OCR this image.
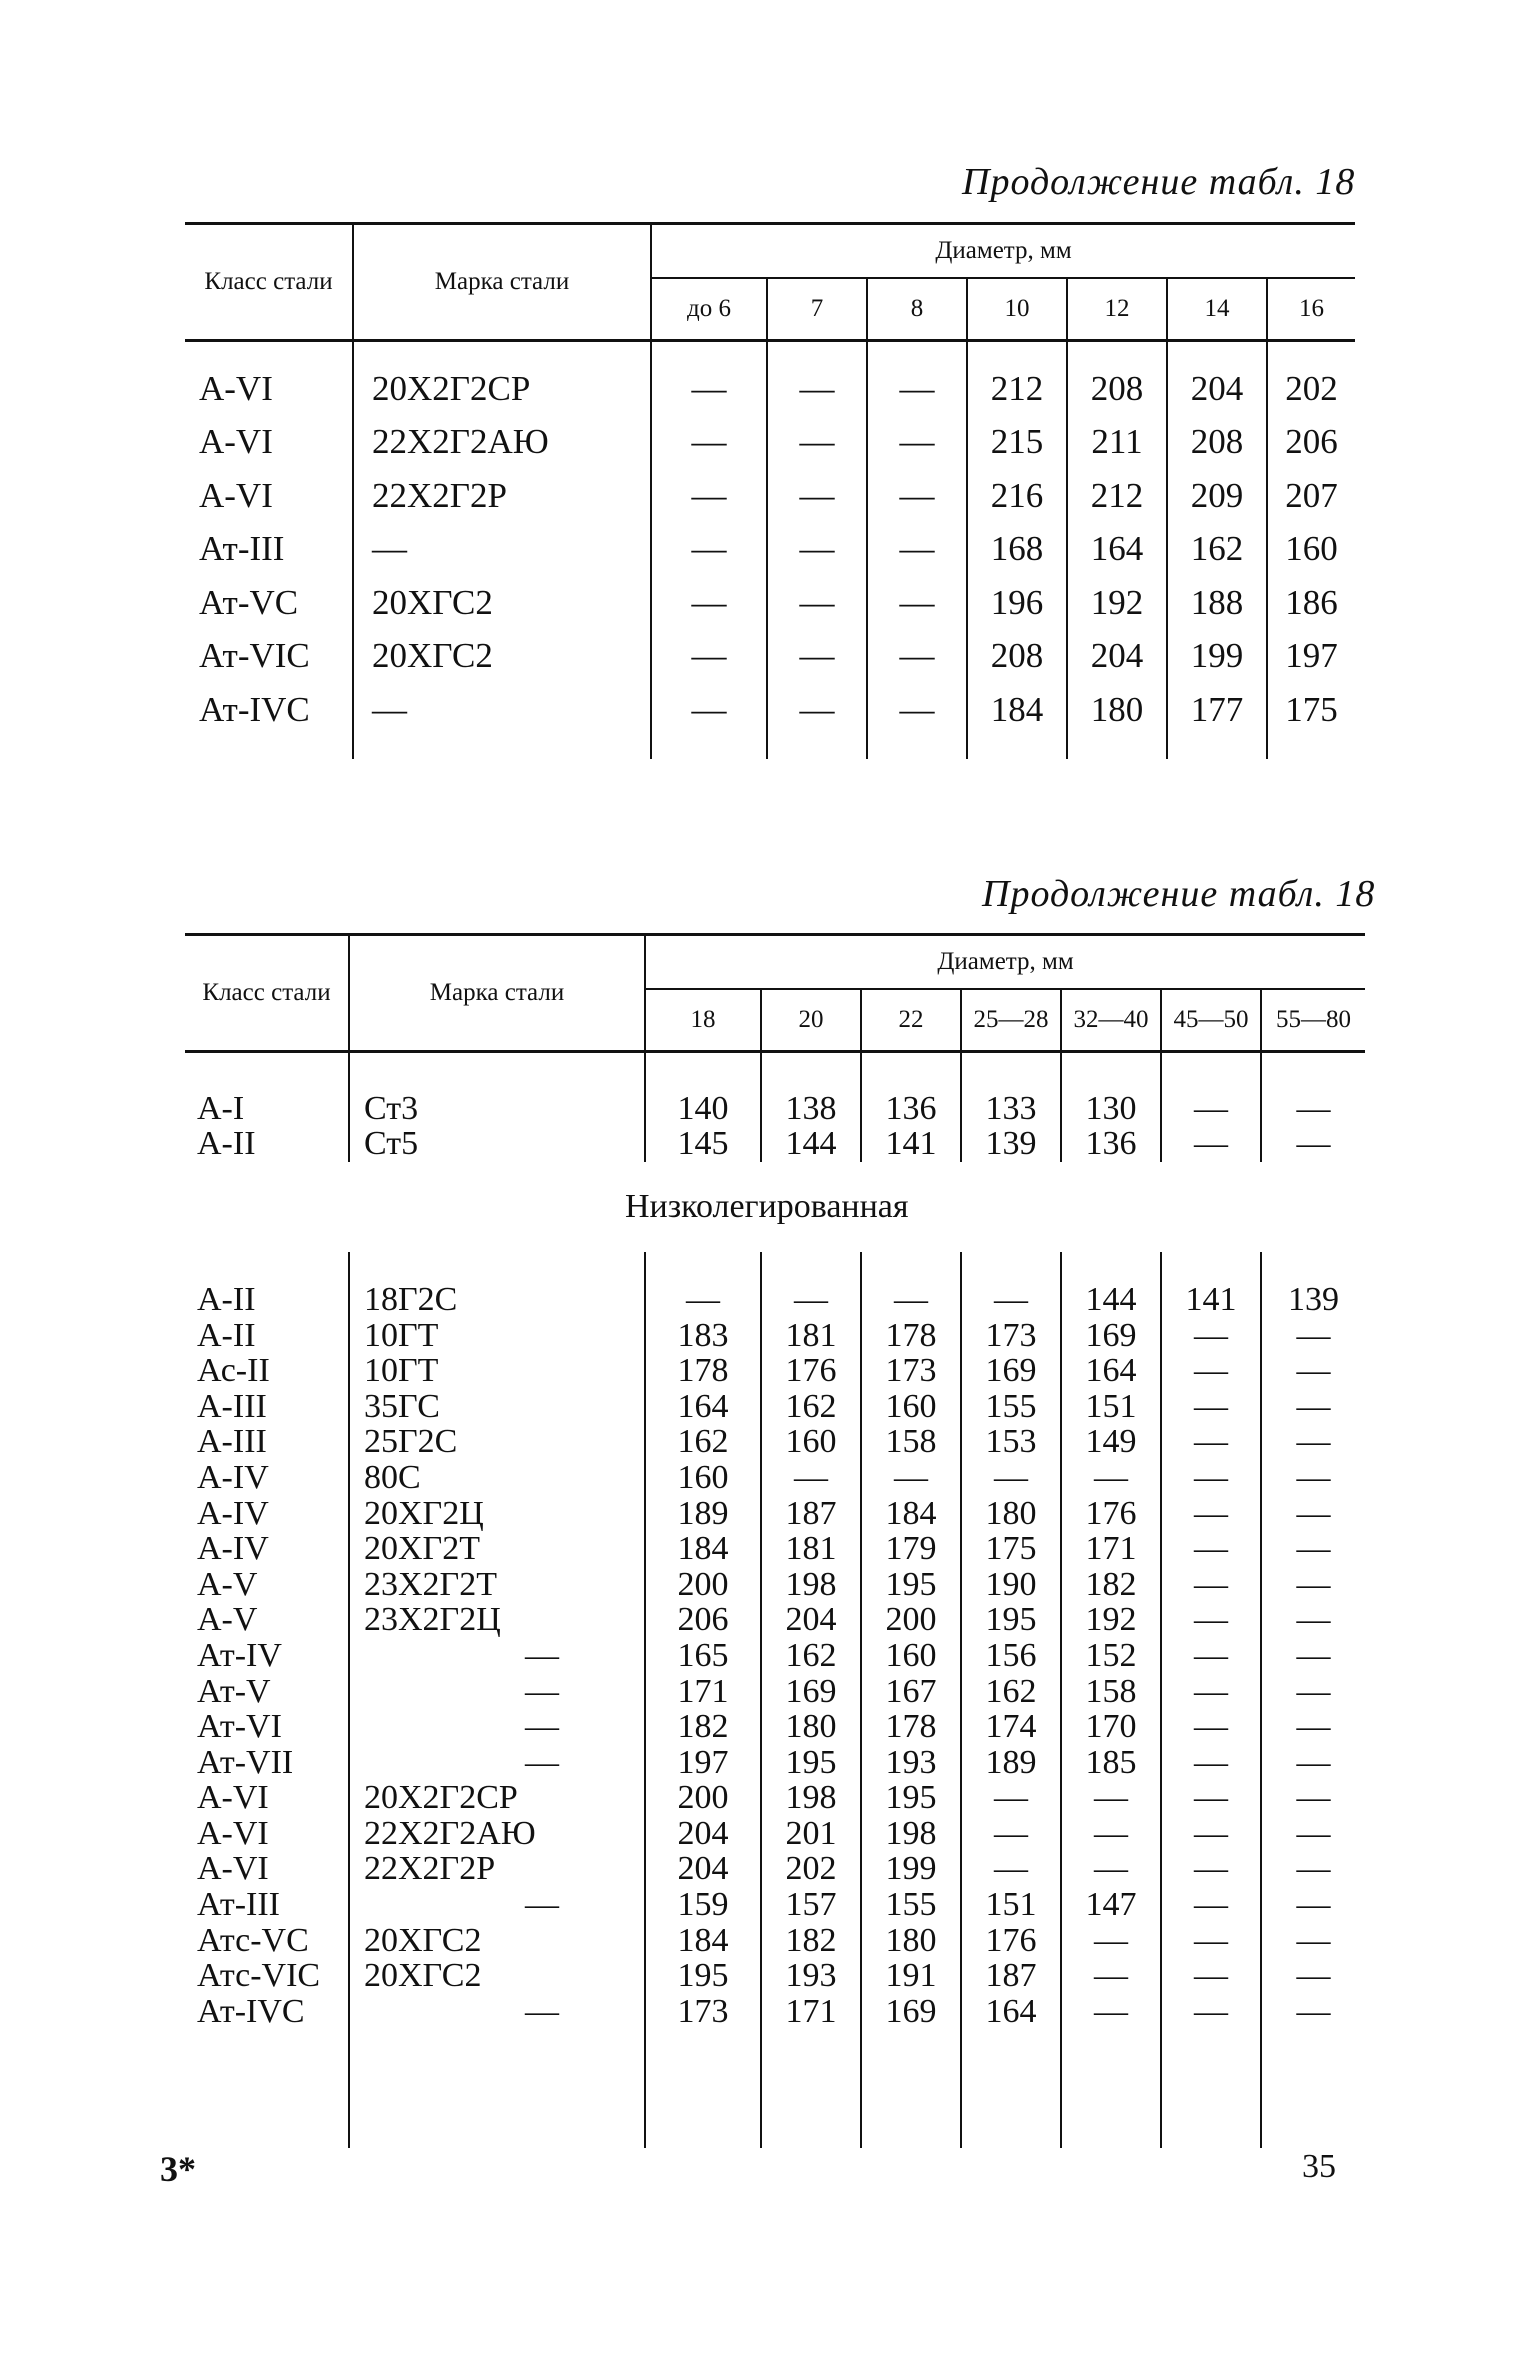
Продолжение табл. 18
Класс стали	Марка стали	Диаметр, мм						
		до 6	7	8	10	12	14	16
А-VI	20Х2Г2СР	—	—	—	212	208	204	202
А-VI	22Х2Г2АЮ	—	—	—	215	211	208	206
А-VI	22Х2Г2Р	—	—	—	216	212	209	207
Ат-III	—	—	—	—	168	164	162	160
Ат-VC	20ХГС2	—	—	—	196	192	188	186
Ат-VIC	20ХГС2	—	—	—	208	204	199	197
Ат-IVC	—	—	—	—	184	180	177	175
Продолжение табл. 18
Класс стали	Марка стали	Диаметр, мм						
		18	20	22	25—28	32—40	45—50	55—80
А-I	Ст3	140	138	136	133	130	—	—
А-II	Ст5	145	144	141	139	136	—	—
Низколегированная								
А-II	18Г2С	—	—	—	—	144	141	139
А-II	10ГТ	183	181	178	173	169	—	—
Ас-II	10ГТ	178	176	173	169	164	—	—
А-III	35ГС	164	162	160	155	151	—	—
А-III	25Г2С	162	160	158	153	149	—	—
А-IV	80С	160	—	—	—	—	—	—
А-IV	20ХГ2Ц	189	187	184	180	176	—	—
А-IV	20ХГ2Т	184	181	179	175	171	—	—
А-V	23Х2Г2Т	200	198	195	190	182	—	—
А-V	23Х2Г2Ц	206	204	200	195	192	—	—
Ат-IV	—	165	162	160	156	152	—	—
Ат-V	—	171	169	167	162	158	—	—
Ат-VI	—	182	180	178	174	170	—	—
Ат-VII	—	197	195	193	189	185	—	—
А-VI	20Х2Г2СР	200	198	195	—	—	—	—
А-VI	22Х2Г2АЮ	204	201	198	—	—	—	—
А-VI	22Х2Г2Р	204	202	199	—	—	—	—
Ат-III	—	159	157	155	151	147	—	—
Атс-VC	20ХГС2	184	182	180	176	—	—	—
Атс-VIC	20ХГС2	195	193	191	187	—	—	—
Ат-IVC	—	173	171	169	164	—	—	—

3*	35
